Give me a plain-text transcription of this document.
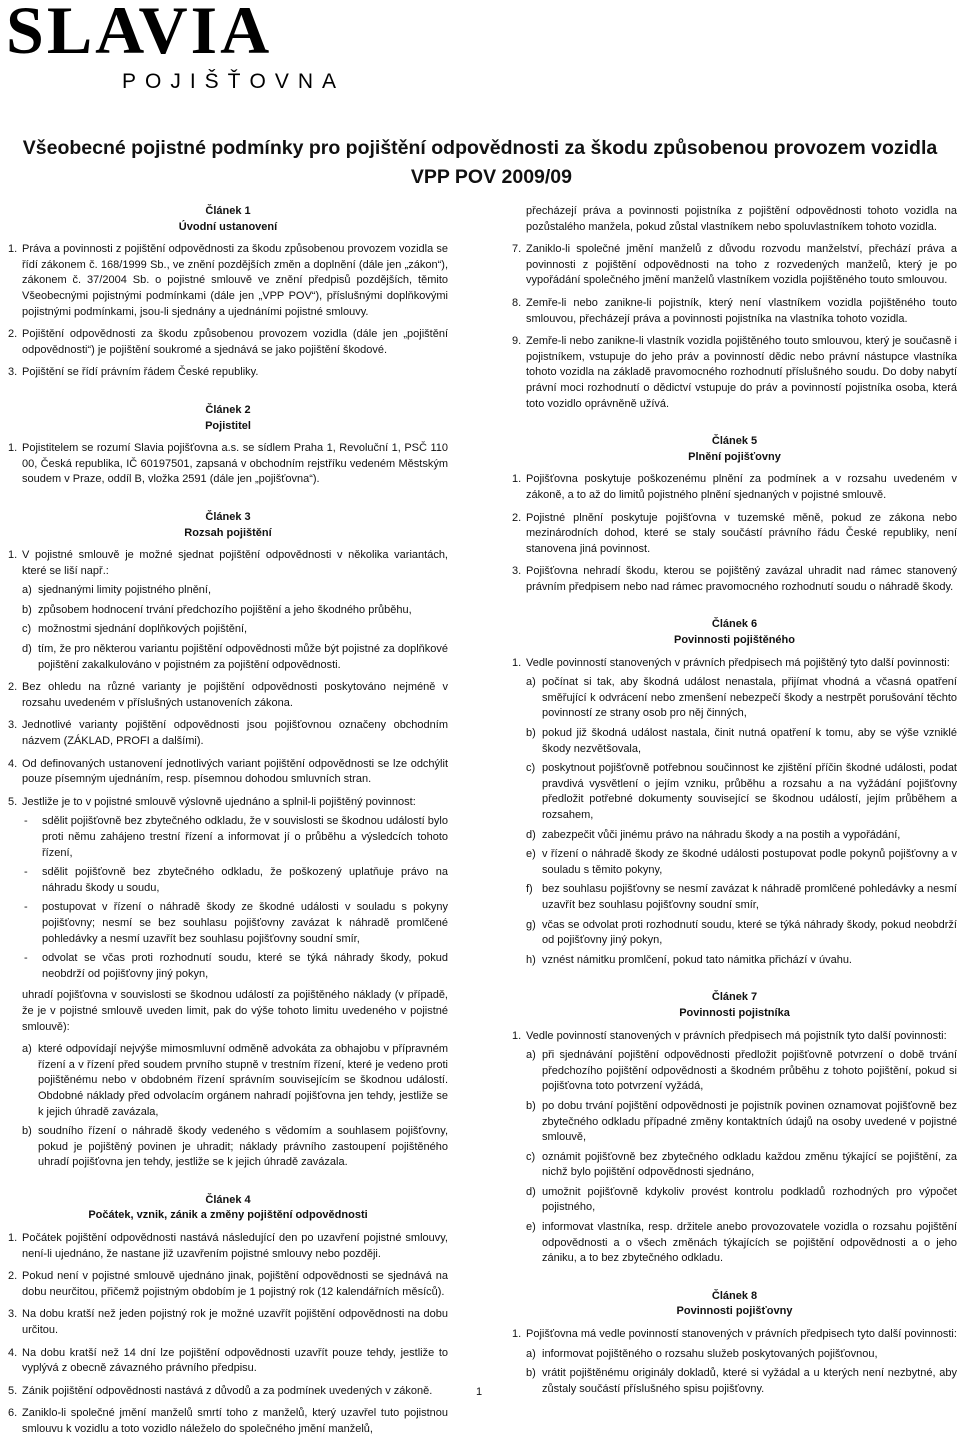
SLAVIA
POJIŠŤOVNA
Všeobecné pojistné podmínky pro pojištění odpovědnosti za škodu způsobenou provozem vozidla
VPP POV 2009/09
Článek 1
Úvodní ustanovení
1. Práva a povinnosti z pojištění odpovědnosti za škodu způsobenou provozem vozidla se řídí zákonem č. 168/1999 Sb., ve znění pozdějších změn a doplnění (dále jen „zákon“), zákonem č. 37/2004 Sb. o pojistné smlouvě ve znění předpisů pozdějších, těmito Všeobecnými pojistnými podmínkami (dále jen „VPP POV“), příslušnými doplňkovými pojistnými podmínkami, jsou-li sjednány a ujednáními pojistné smlouvy.
2. Pojištění odpovědnosti za škodu způsobenou provozem vozidla (dále jen „pojištění odpovědnosti“) je pojištění soukromé a sjednává se jako pojištění škodové.
3. Pojištění se řídí právním řádem České republiky.
Článek 2
Pojistitel
1. Pojistitelem se rozumí Slavia pojišťovna a.s. se sídlem Praha 1, Revoluční 1, PSČ 110 00, Česká republika, IČ 60197501, zapsaná v obchodním rejstříku vedeném Městským soudem v Praze, oddíl B, vložka 2591 (dále jen „pojišťovna“).
Článek 3
Rozsah pojištění
1. V pojistné smlouvě je možné sjednat pojištění odpovědnosti v několika variantách, které se liší např.:
a) sjednanými limity pojistného plnění,
b) způsobem hodnocení trvání předchozího pojištění a jeho škodného průběhu,
c) možnostmi sjednání doplňkových pojištění,
d) tím, že pro některou variantu pojištění odpovědnosti může být pojistné za doplňkové pojištění zakalkulováno v pojistném za pojištění odpovědnosti.
2. Bez ohledu na různé varianty je pojištění odpovědnosti poskytováno nejméně v rozsahu uvedeném v příslušných ustanoveních zákona.
3. Jednotlivé varianty pojištění odpovědnosti jsou pojišťovnou označeny obchodním názvem (ZÁKLAD, PROFI a dalšími).
4. Od definovaných ustanovení jednotlivých variant pojištění odpovědnosti se lze odchýlit pouze písemným ujednáním, resp. písemnou dohodou smluvních stran.
5. Jestliže je to v pojistné smlouvě výslovně ujednáno a splnil-li pojištěný povinnost:
- sdělit pojišťovně bez zbytečného odkladu, že v souvislosti se škodnou událostí bylo proti němu zahájeno trestní řízení a informovat jí o průběhu a výsledcích tohoto řízení,
- sdělit pojišťovně bez zbytečného odkladu, že poškozený uplatňuje právo na náhradu škody u soudu,
- postupovat v řízení o náhradě škody ze škodné události v souladu s pokyny pojišťovny; nesmí se bez souhlasu pojišťovny zavázat k náhradě promlčené pohledávky a nesmí uzavřít bez souhlasu pojišťovny soudní smír,
- odvolat se včas proti rozhodnutí soudu, které se týká náhrady škody, pokud neobdrží od pojišťovny jiný pokyn,
uhradí pojišťovna v souvislosti se škodnou událostí za pojištěného náklady (v případě, že je v pojistné smlouvě uveden limit, pak do výše tohoto limitu uvedeného v pojistné smlouvě):
a) které odpovídají nejvýše mimosmluvní odměně advokáta za obhajobu v přípravném řízení a v řízení před soudem prvního stupně v trestním řízení, které je vedeno proti pojištěnému nebo v obdobném řízení správním souvisejícím se škodnou událostí. Obdobné náklady před odvolacím orgánem nahradí pojišťovna jen tehdy, jestliže se k jejich úhradě zavázala,
b) soudního řízení o náhradě škody vedeného s vědomím a souhlasem pojišťovny, pokud je pojištěný povinen je uhradit; náklady právního zastoupení pojištěného uhradí pojišťovna jen tehdy, jestliže se k jejich úhradě zavázala.
Článek 4
Počátek, vznik, zánik a změny pojištění odpovědnosti
1. Počátek pojištění odpovědnosti nastává následující den po uzavření pojistné smlouvy, není-li ujednáno, že nastane již uzavřením pojistné smlouvy nebo později.
2. Pokud není v pojistné smlouvě ujednáno jinak, pojištění odpovědnosti se sjednává na dobu neurčitou, přičemž pojistným obdobím je 1 pojistný rok (12 kalendářních měsíců).
3. Na dobu kratší než jeden pojistný rok je možné uzavřít pojištění odpovědnosti na dobu určitou.
4. Na dobu kratší než 14 dní lze pojištění odpovědnosti uzavřít pouze tehdy, jestliže to vyplývá z obecně závazného právního předpisu.
5. Zánik pojištění odpovědnosti nastává z důvodů a za podmínek uvedených v zákoně.
6. Zaniklo-li společné jmění manželů smrtí toho z manželů, který uzavřel tuto pojistnou smlouvu k vozidlu a toto vozidlo náleželo do společného jmění manželů,
přecházejí práva a povinnosti pojistníka z pojištění odpovědnosti tohoto vozidla na pozůstalého manžela, pokud zůstal vlastníkem nebo spoluvlastníkem tohoto vozidla.
7. Zaniklo-li společné jmění manželů z důvodu rozvodu manželství, přechází práva a povinnosti z pojištění odpovědnosti na toho z rozvedených manželů, který je po vypořádání společného jmění manželů vlastníkem vozidla pojištěného touto smlouvou.
8. Zemře-li nebo zanikne-li pojistník, který není vlastníkem vozidla pojištěného touto smlouvou, přecházejí práva a povinnosti pojistníka na vlastníka tohoto vozidla.
9. Zemře-li nebo zanikne-li vlastník vozidla pojištěného touto smlouvou, který je současně i pojistníkem, vstupuje do jeho práv a povinností dědic nebo právní nástupce vlastníka tohoto vozidla na základě pravomocného rozhodnutí příslušného soudu. Do doby nabytí právní moci rozhodnutí o dědictví vstupuje do práv a povinností pojistníka osoba, která toto vozidlo oprávněně užívá.
Článek 5
Plnění pojišťovny
1. Pojišťovna poskytuje poškozenému plnění za podmínek a v rozsahu uvedeném v zákoně, a to až do limitů pojistného plnění sjednaných v pojistné smlouvě.
2. Pojistné plnění poskytuje pojišťovna v tuzemské měně, pokud ze zákona nebo mezinárodních dohod, které se staly součástí právního řádu České republiky, není stanovena jiná povinnost.
3. Pojišťovna nehradí škodu, kterou se pojištěný zavázal uhradit nad rámec stanovený právním předpisem nebo nad rámec pravomocného rozhodnutí soudu o náhradě škody.
Článek 6
Povinnosti pojištěného
1. Vedle povinností stanovených v právních předpisech má pojištěný tyto další povinnosti:
a) počínat si tak, aby škodná událost nenastala, přijímat vhodná a včasná opatření směřující k odvrácení nebo zmenšení nebezpečí škody a nestrpět porušování těchto povinností ze strany osob pro něj činných,
b) pokud již škodná událost nastala, činit nutná opatření k tomu, aby se výše vzniklé škody nezvětšovala,
c) poskytnout pojišťovně potřebnou součinnost ke zjištění příčin škodné události, podat pravdivá vysvětlení o jejím vzniku, průběhu a rozsahu a na vyžádání pojišťovny předložit potřebné dokumenty související se škodnou událostí, jejím průběhem a rozsahem,
d) zabezpečit vůči jinému právo na náhradu škody a na postih a vypořádání,
e) v řízení o náhradě škody ze škodné události postupovat podle pokynů pojišťovny a v souladu s těmito pokyny,
f) bez souhlasu pojišťovny se nesmí zavázat k náhradě promlčené pohledávky a nesmí uzavřít bez souhlasu pojišťovny soudní smír,
g) včas se odvolat proti rozhodnutí soudu, které se týká náhrady škody, pokud neobdrží od pojišťovny jiný pokyn,
h) vznést námitku promlčení, pokud tato námitka přichází v úvahu.
Článek 7
Povinnosti pojistníka
1. Vedle povinností stanovených v právních předpisech má pojistník tyto další povinnosti:
a) při sjednávání pojištění odpovědnosti předložit pojišťovně potvrzení o době trvání předchozího pojištění odpovědnosti a škodném průběhu z tohoto pojištění, pokud si pojišťovna toto potvrzení vyžádá,
b) po dobu trvání pojištění odpovědnosti je pojistník povinen oznamovat pojišťovně bez zbytečného odkladu případné změny kontaktních údajů na osoby uvedené v pojistné smlouvě,
c) oznámit pojišťovně bez zbytečného odkladu každou změnu týkající se pojištění, za nichž bylo pojištění odpovědnosti sjednáno,
d) umožnit pojišťovně kdykoliv provést kontrolu podkladů rozhodných pro výpočet pojistného,
e) informovat vlastníka, resp. držitele anebo provozovatele vozidla o rozsahu pojištění odpovědnosti a o všech změnách týkajících se pojištění odpovědnosti a o jeho zániku, a to bez zbytečného odkladu.
Článek 8
Povinnosti pojišťovny
1. Pojišťovna má vedle povinností stanovených v právních předpisech tyto další povinnosti:
a) informovat pojištěného o rozsahu služeb poskytovaných pojišťovnou,
b) vrátit pojištěnému originály dokladů, které si vyžádal a u kterých není nezbytné, aby zůstaly součástí příslušného spisu pojišťovny.
1
